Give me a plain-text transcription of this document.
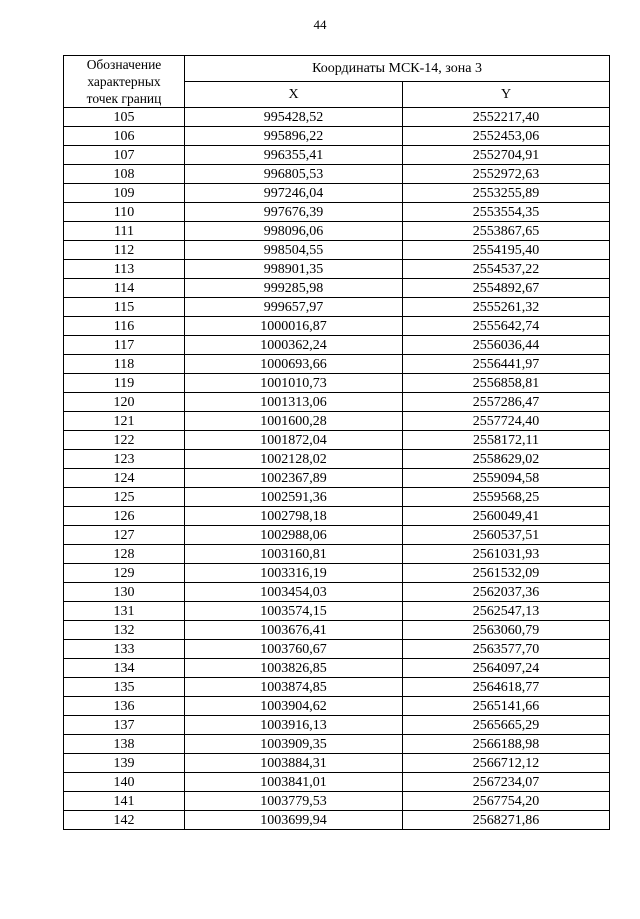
44
Обозначение
характерных
точек границ	Координаты МСК-14, зона 3	
	X	Y
105	995428,52	2552217,40
106	995896,22	2552453,06
107	996355,41	2552704,91
108	996805,53	2552972,63
109	997246,04	2553255,89
110	997676,39	2553554,35
111	998096,06	2553867,65
112	998504,55	2554195,40
113	998901,35	2554537,22
114	999285,98	2554892,67
115	999657,97	2555261,32
116	1000016,87	2555642,74
117	1000362,24	2556036,44
118	1000693,66	2556441,97
119	1001010,73	2556858,81
120	1001313,06	2557286,47
121	1001600,28	2557724,40
122	1001872,04	2558172,11
123	1002128,02	2558629,02
124	1002367,89	2559094,58
125	1002591,36	2559568,25
126	1002798,18	2560049,41
127	1002988,06	2560537,51
128	1003160,81	2561031,93
129	1003316,19	2561532,09
130	1003454,03	2562037,36
131	1003574,15	2562547,13
132	1003676,41	2563060,79
133	1003760,67	2563577,70
134	1003826,85	2564097,24
135	1003874,85	2564618,77
136	1003904,62	2565141,66
137	1003916,13	2565665,29
138	1003909,35	2566188,98
139	1003884,31	2566712,12
140	1003841,01	2567234,07
141	1003779,53	2567754,20
142	1003699,94	2568271,86
